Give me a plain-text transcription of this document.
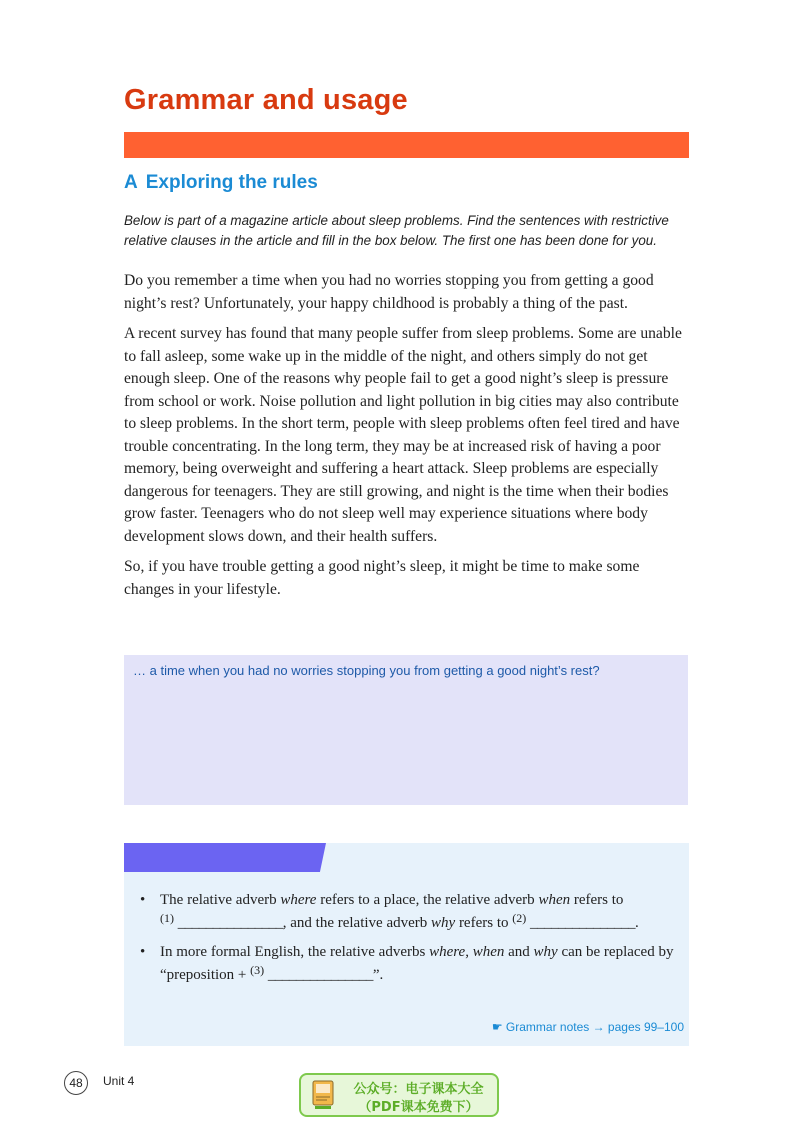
Grammar and usage
A Exploring the rules

Below is part of a magazine article about sleep problems. Find the sentences with restrictive relative clauses in the article and fill in the box below. The first one has been done for you.

Do you remember a time when you had no worries stopping you from getting a good night’s rest? Unfortunately, your happy childhood is probably a thing of the past.

A recent survey has found that many people suffer from sleep problems. Some are unable to fall asleep, some wake up in the middle of the night, and others simply do not get enough sleep. One of the reasons why people fail to get a good night’s sleep is pressure from school or work. Noise pollution and light pollution in big cities may also contribute to sleep problems. In the short term, people with sleep problems often feel tired and have trouble concentrating. In the long term, they may be at increased risk of having a poor memory, being overweight and suffering a heart attack. Sleep problems are especially dangerous for teenagers. They are still growing, and night is the time when their bodies grow faster. Teenagers who do not sleep well may experience situations where body development slows down, and their health suffers.

So, if you have trouble getting a good night’s sleep, it might be time to make some changes in your lifestyle.

… a time when you had no worries stopping you from getting a good night’s rest?

• The relative adverb where refers to a place, the relative adverb when refers to
$^{(1)}$ _______________, and the relative adverb why refers to $^{(2)}$ _______________.
• In more formal English, the relative adverbs where, when and why can be replaced by “preposition + $^{(3)}$ _______________”.
☛ Grammar notes → pages 99–100
48	Unit 4
公众号：电子课本大全
（PDF课本免费下）
